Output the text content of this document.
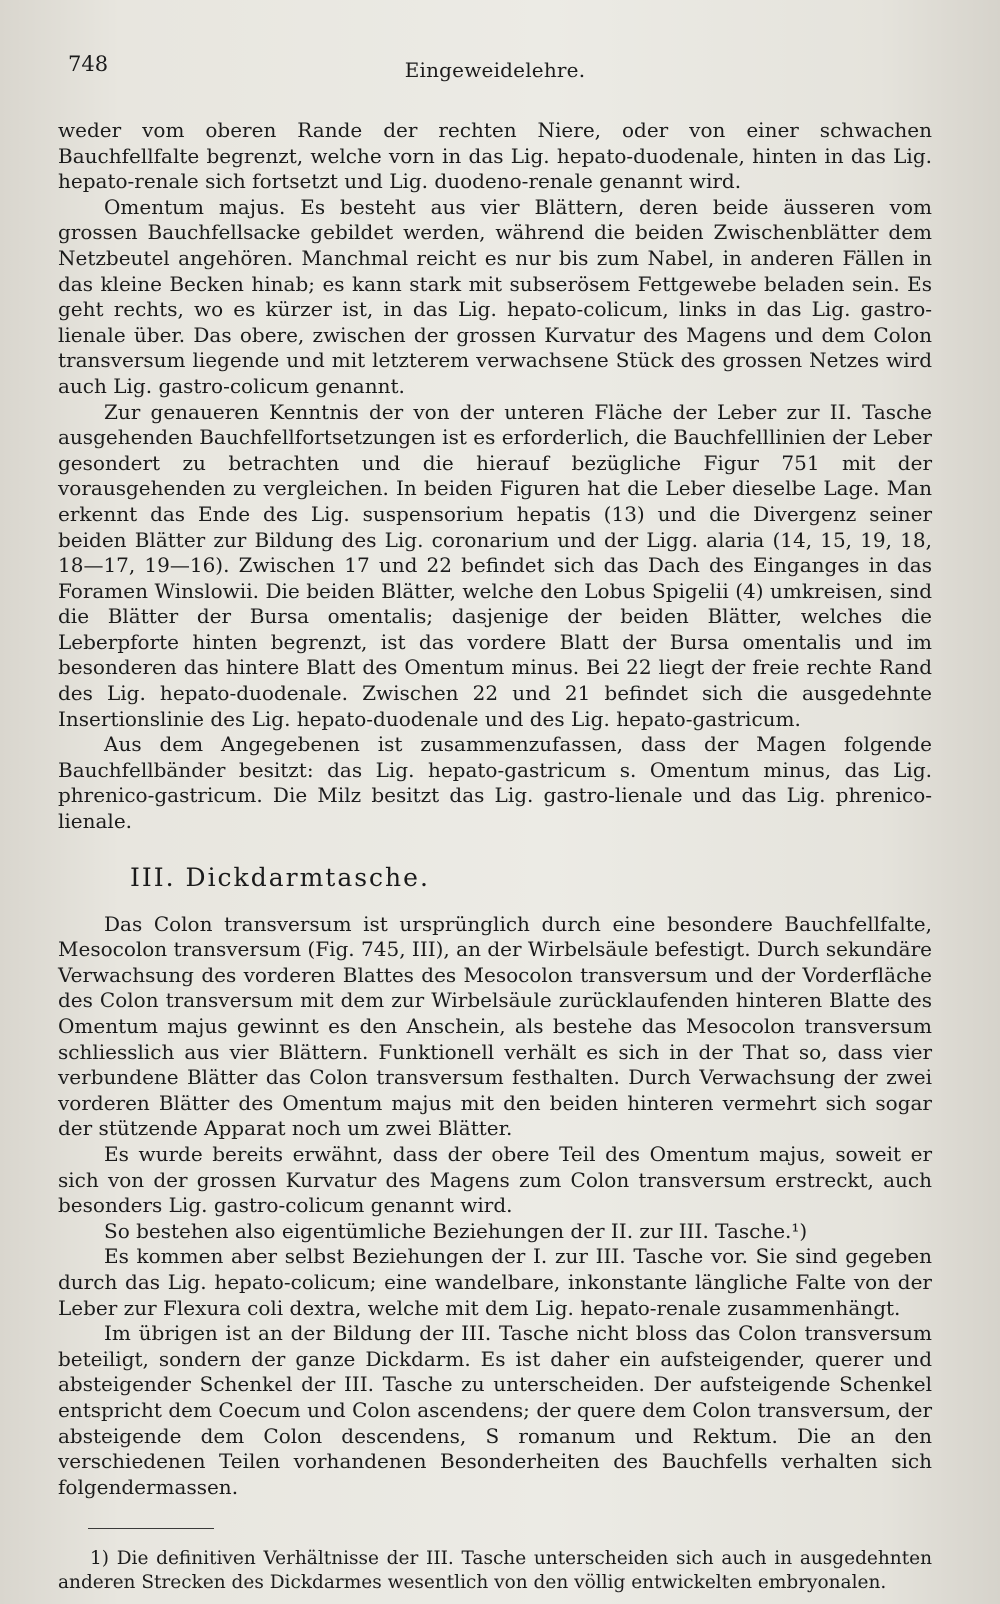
748	Eingeweidelehre.

weder vom oberen Rande der rechten Niere, oder von einer schwachen Bauchfellfalte begrenzt, welche vorn in das Lig. hepato-duodenale, hinten in das Lig. hepato-renale sich fortsetzt und Lig. duodeno-renale genannt wird.

Omentum majus. Es besteht aus vier Blättern, deren beide äusseren vom grossen Bauchfellsacke gebildet werden, während die beiden Zwischenblätter dem Netzbeutel angehören. Manchmal reicht es nur bis zum Nabel, in anderen Fällen in das kleine Becken hinab; es kann stark mit subserösem Fettgewebe beladen sein. Es geht rechts, wo es kürzer ist, in das Lig. hepato-colicum, links in das Lig. gastro-lienale über. Das obere, zwischen der grossen Kurvatur des Magens und dem Colon transversum liegende und mit letzterem verwachsene Stück des grossen Netzes wird auch Lig. gastro-colicum genannt.

Zur genaueren Kenntnis der von der unteren Fläche der Leber zur II. Tasche ausgehenden Bauchfellfortsetzungen ist es erforderlich, die Bauchfelllinien der Leber gesondert zu betrachten und die hierauf bezügliche Figur 751 mit der vorausgehenden zu vergleichen. In beiden Figuren hat die Leber dieselbe Lage. Man erkennt das Ende des Lig. suspensorium hepatis (13) und die Divergenz seiner beiden Blätter zur Bildung des Lig. coronarium und der Ligg. alaria (14, 15, 19, 18, 18—17, 19—16). Zwischen 17 und 22 befindet sich das Dach des Einganges in das Foramen Winslowii. Die beiden Blätter, welche den Lobus Spigelii (4) umkreisen, sind die Blätter der Bursa omentalis; dasjenige der beiden Blätter, welches die Leberpforte hinten begrenzt, ist das vordere Blatt der Bursa omentalis und im besonderen das hintere Blatt des Omentum minus. Bei 22 liegt der freie rechte Rand des Lig. hepato-duodenale. Zwischen 22 und 21 befindet sich die ausgedehnte Insertionslinie des Lig. hepato-duodenale und des Lig. hepato-gastricum.

Aus dem Angegebenen ist zusammenzufassen, dass der Magen folgende Bauchfellbänder besitzt: das Lig. hepato-gastricum s. Omentum minus, das Lig. phrenico-gastricum. Die Milz besitzt das Lig. gastro-lienale und das Lig. phrenico-lienale.

III. Dickdarmtasche.

Das Colon transversum ist ursprünglich durch eine besondere Bauchfellfalte, Mesocolon transversum (Fig. 745, III), an der Wirbelsäule befestigt. Durch sekundäre Verwachsung des vorderen Blattes des Mesocolon transversum und der Vorderfläche des Colon transversum mit dem zur Wirbelsäule zurücklaufenden hinteren Blatte des Omentum majus gewinnt es den Anschein, als bestehe das Mesocolon transversum schliesslich aus vier Blättern. Funktionell verhält es sich in der That so, dass vier verbundene Blätter das Colon transversum festhalten. Durch Verwachsung der zwei vorderen Blätter des Omentum majus mit den beiden hinteren vermehrt sich sogar der stützende Apparat noch um zwei Blätter.

Es wurde bereits erwähnt, dass der obere Teil des Omentum majus, soweit er sich von der grossen Kurvatur des Magens zum Colon transversum erstreckt, auch besonders Lig. gastro-colicum genannt wird.

So bestehen also eigentümliche Beziehungen der II. zur III. Tasche.¹)

Es kommen aber selbst Beziehungen der I. zur III. Tasche vor. Sie sind gegeben durch das Lig. hepato-colicum; eine wandelbare, inkonstante längliche Falte von der Leber zur Flexura coli dextra, welche mit dem Lig. hepato-renale zusammenhängt.

Im übrigen ist an der Bildung der III. Tasche nicht bloss das Colon transversum beteiligt, sondern der ganze Dickdarm. Es ist daher ein aufsteigender, querer und absteigender Schenkel der III. Tasche zu unterscheiden. Der aufsteigende Schenkel entspricht dem Coecum und Colon ascendens; der quere dem Colon transversum, der absteigende dem Colon descendens, S romanum und Rektum. Die an den verschiedenen Teilen vorhandenen Besonderheiten des Bauchfells verhalten sich folgendermassen.

1) Die definitiven Verhältnisse der III. Tasche unterscheiden sich auch in ausgedehnten anderen Strecken des Dickdarmes wesentlich von den völlig entwickelten embryonalen.
